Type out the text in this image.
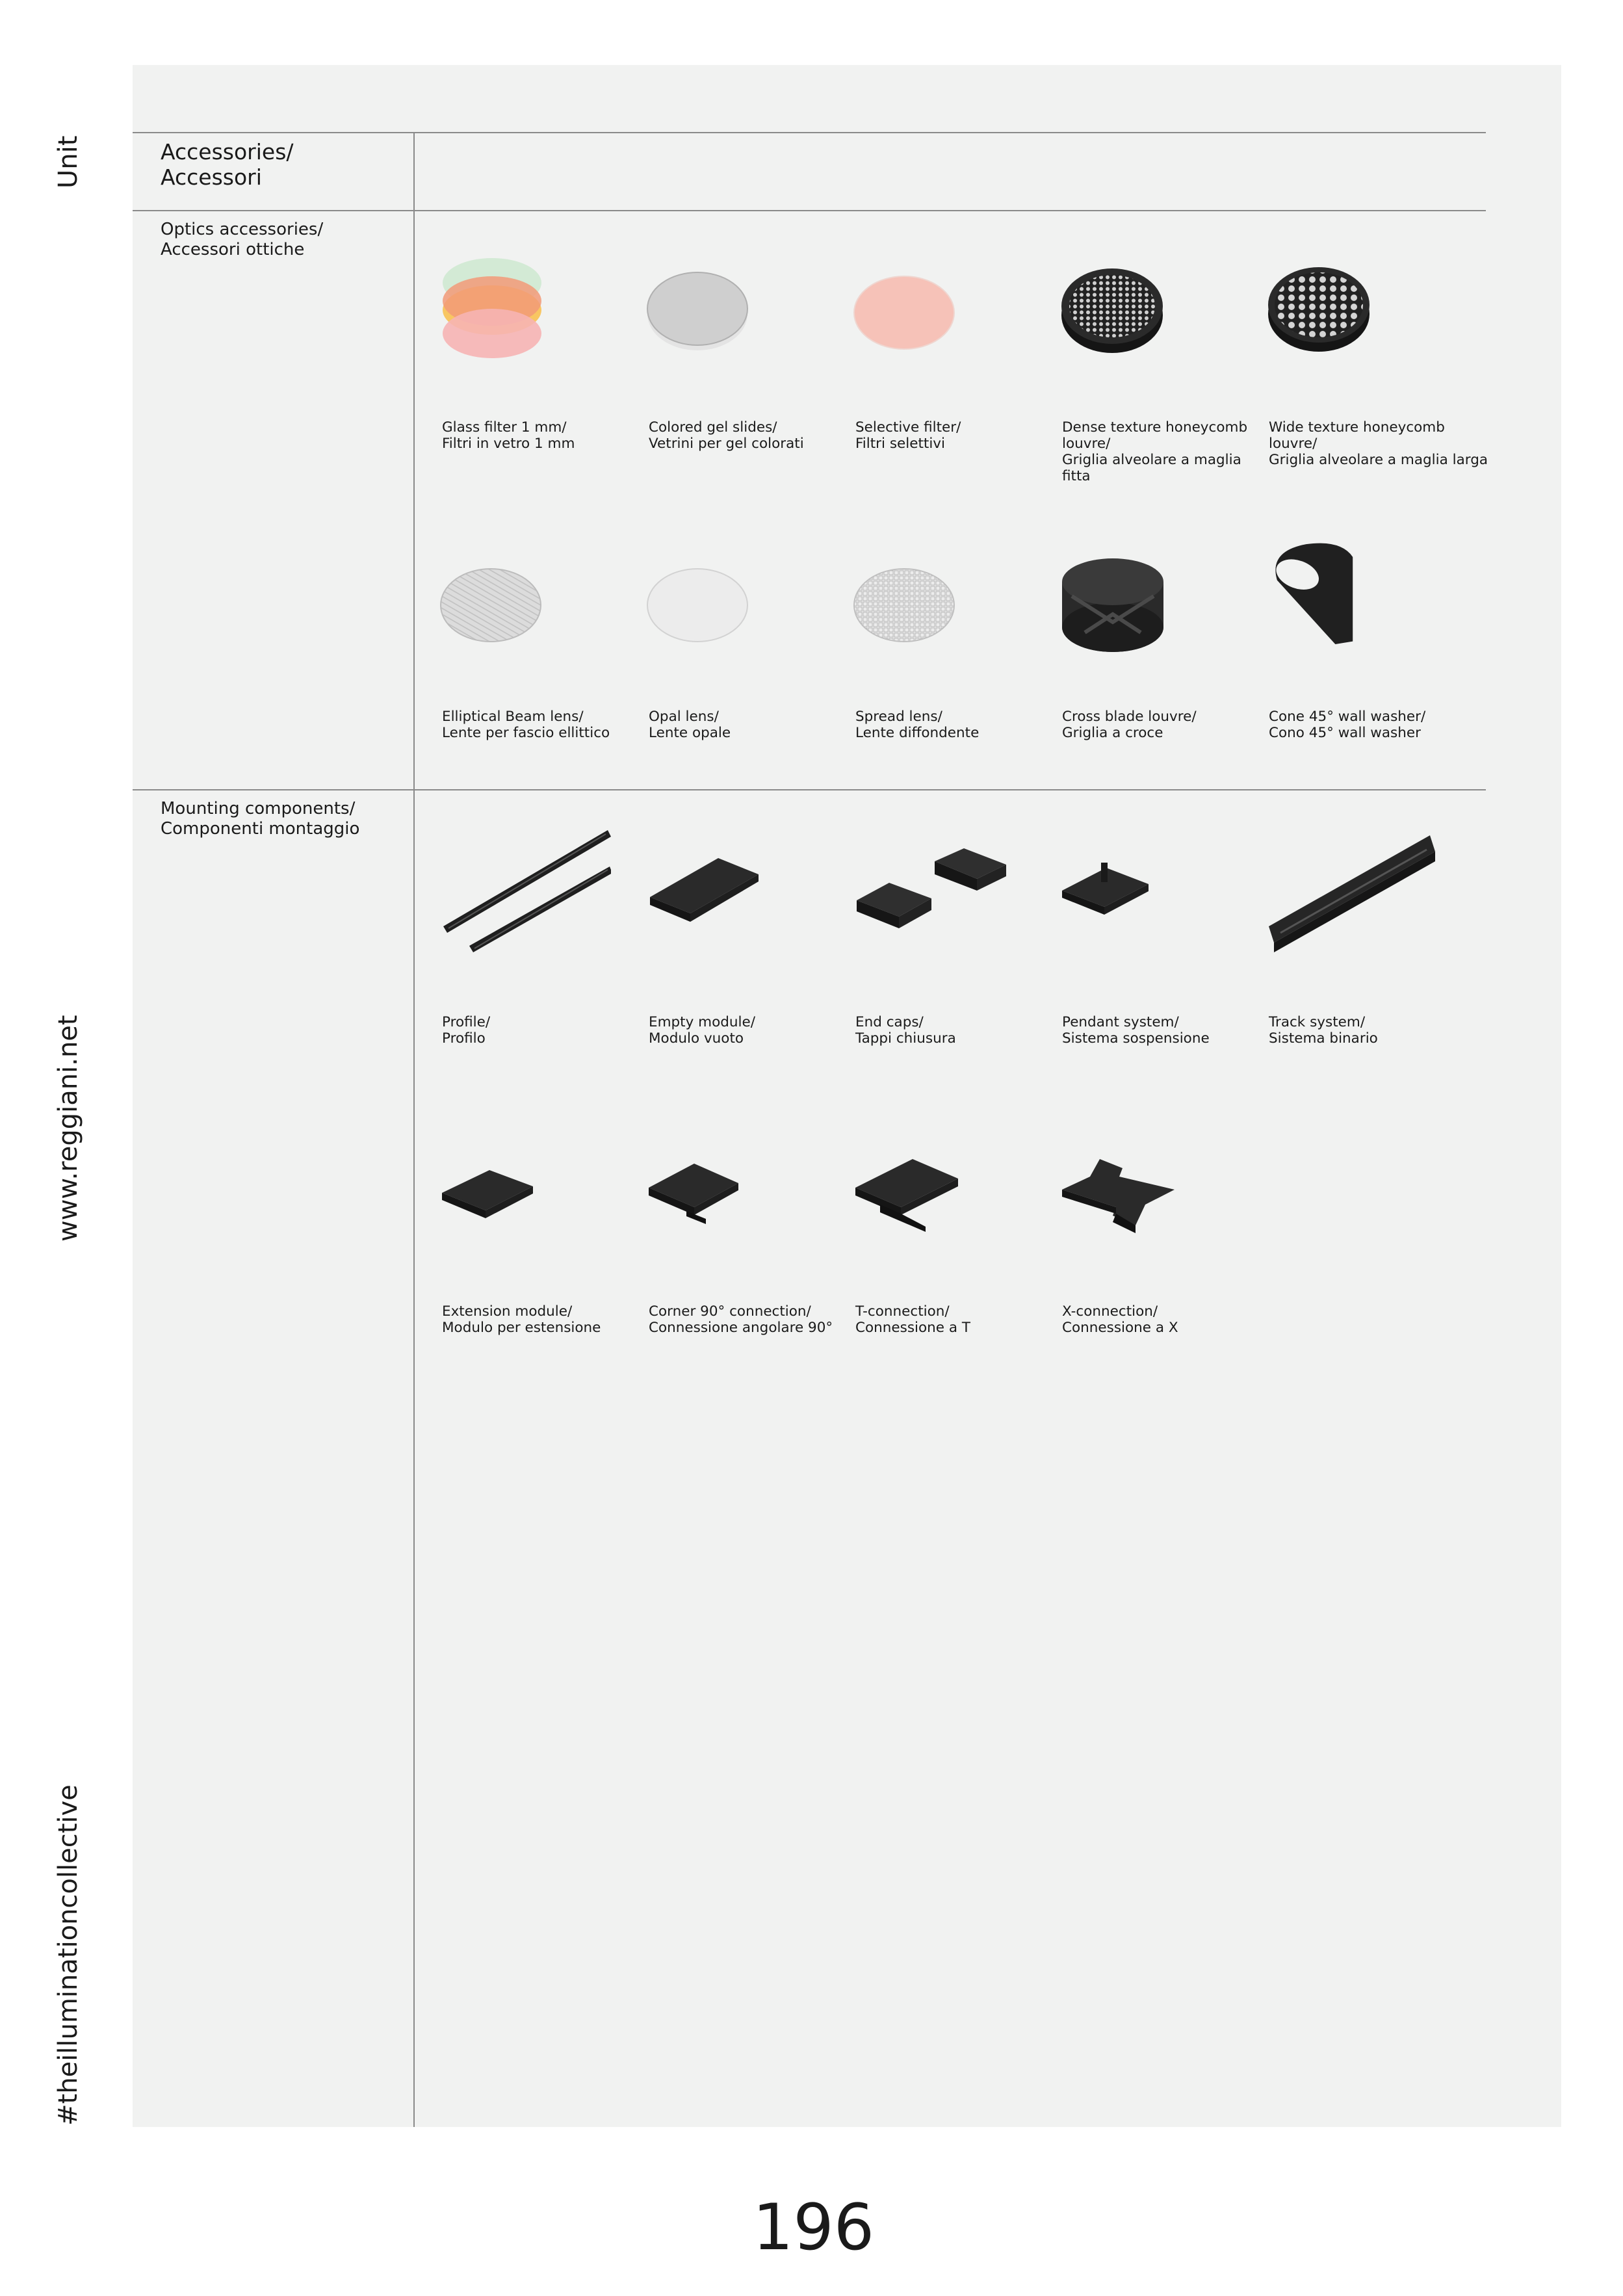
Unit
www.reggiani.net
#theilluminationcollective
Accessories/
Accessori
Optics accessories/
Accessori ottiche
Mounting components/
Componenti montaggio
Glass filter 1 mm/
Filtri in vetro 1 mm
Colored gel slides/
Vetrini per gel colorati
Selective filter/
Filtri selettivi
Dense texture honeycomb
louvre/
Griglia alveolare a maglia
fitta
Wide texture honeycomb
louvre/
Griglia alveolare a maglia larga
Elliptical Beam lens/
Lente per fascio ellittico
Opal lens/
Lente opale
Spread lens/
Lente diffondente
Cross blade louvre/
Griglia a croce
Cone 45° wall washer/
Cono 45° wall washer
Profile/
Profilo
Empty module/
Modulo vuoto
End caps/
Tappi chiusura
Pendant system/
Sistema sospensione
Track system/
Sistema binario
Extension module/
Modulo per estensione
Corner 90° connection/
Connessione angolare 90°
T-connection/
Connessione a T
X-connection/
Connessione a X
196
